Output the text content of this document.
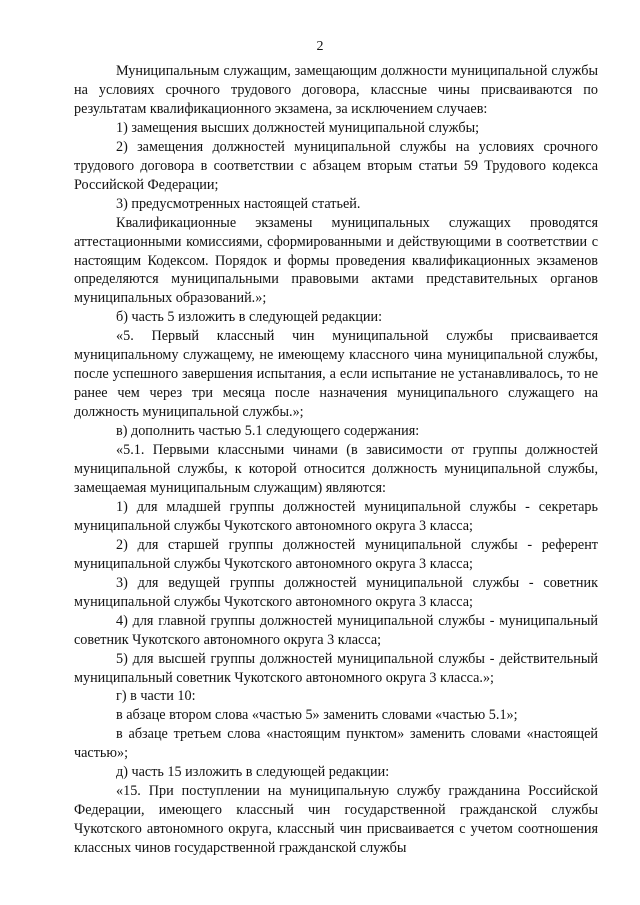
2

Муниципальным служащим, замещающим должности муниципальной службы на условиях срочного трудового договора, классные чины присваиваются по результатам квалификационного экзамена, за исключением случаев:

1) замещения высших должностей муниципальной службы;

2) замещения должностей муниципальной службы на условиях срочного трудового договора в соответствии с абзацем вторым статьи 59 Трудового кодекса Российской Федерации;

3) предусмотренных настоящей статьей.

Квалификационные экзамены муниципальных служащих проводятся аттестационными комиссиями, сформированными и действующими в соответствии с настоящим Кодексом. Порядок и формы проведения квалификационных экзаменов определяются муниципальными правовыми актами представительных органов муниципальных образований.»;

б) часть 5 изложить в следующей редакции:

«5. Первый классный чин муниципальной службы присваивается муниципальному служащему, не имеющему классного чина муниципальной службы, после успешного завершения испытания, а если испытание не устанавливалось, то не ранее чем через три месяца после назначения муниципального служащего на должность муниципальной службы.»;

в) дополнить частью 5.1 следующего содержания:

«5.1. Первыми классными чинами (в зависимости от группы должностей муниципальной службы, к которой относится должность муниципальной службы, замещаемая муниципальным служащим) являются:

1) для младшей группы должностей муниципальной службы - секретарь муниципальной службы Чукотского автономного округа 3 класса;

2) для старшей группы должностей муниципальной службы - референт муниципальной службы Чукотского автономного округа 3 класса;

3) для ведущей группы должностей муниципальной службы - советник муниципальной службы Чукотского автономного округа 3 класса;

4) для главной группы должностей муниципальной службы - муниципальный советник Чукотского автономного округа 3 класса;

5) для высшей группы должностей муниципальной службы - действительный муниципальный советник Чукотского автономного округа 3 класса.»;

г) в части 10:

в абзаце втором слова «частью 5» заменить словами «частью 5.1»;

в абзаце третьем слова «настоящим пунктом» заменить словами «настоящей частью»;

д) часть 15 изложить в следующей редакции:

«15. При поступлении на муниципальную службу гражданина Российской Федерации, имеющего классный чин государственной гражданской службы Чукотского автономного округа, классный чин присваивается с учетом соотношения классных чинов государственной гражданской службы
